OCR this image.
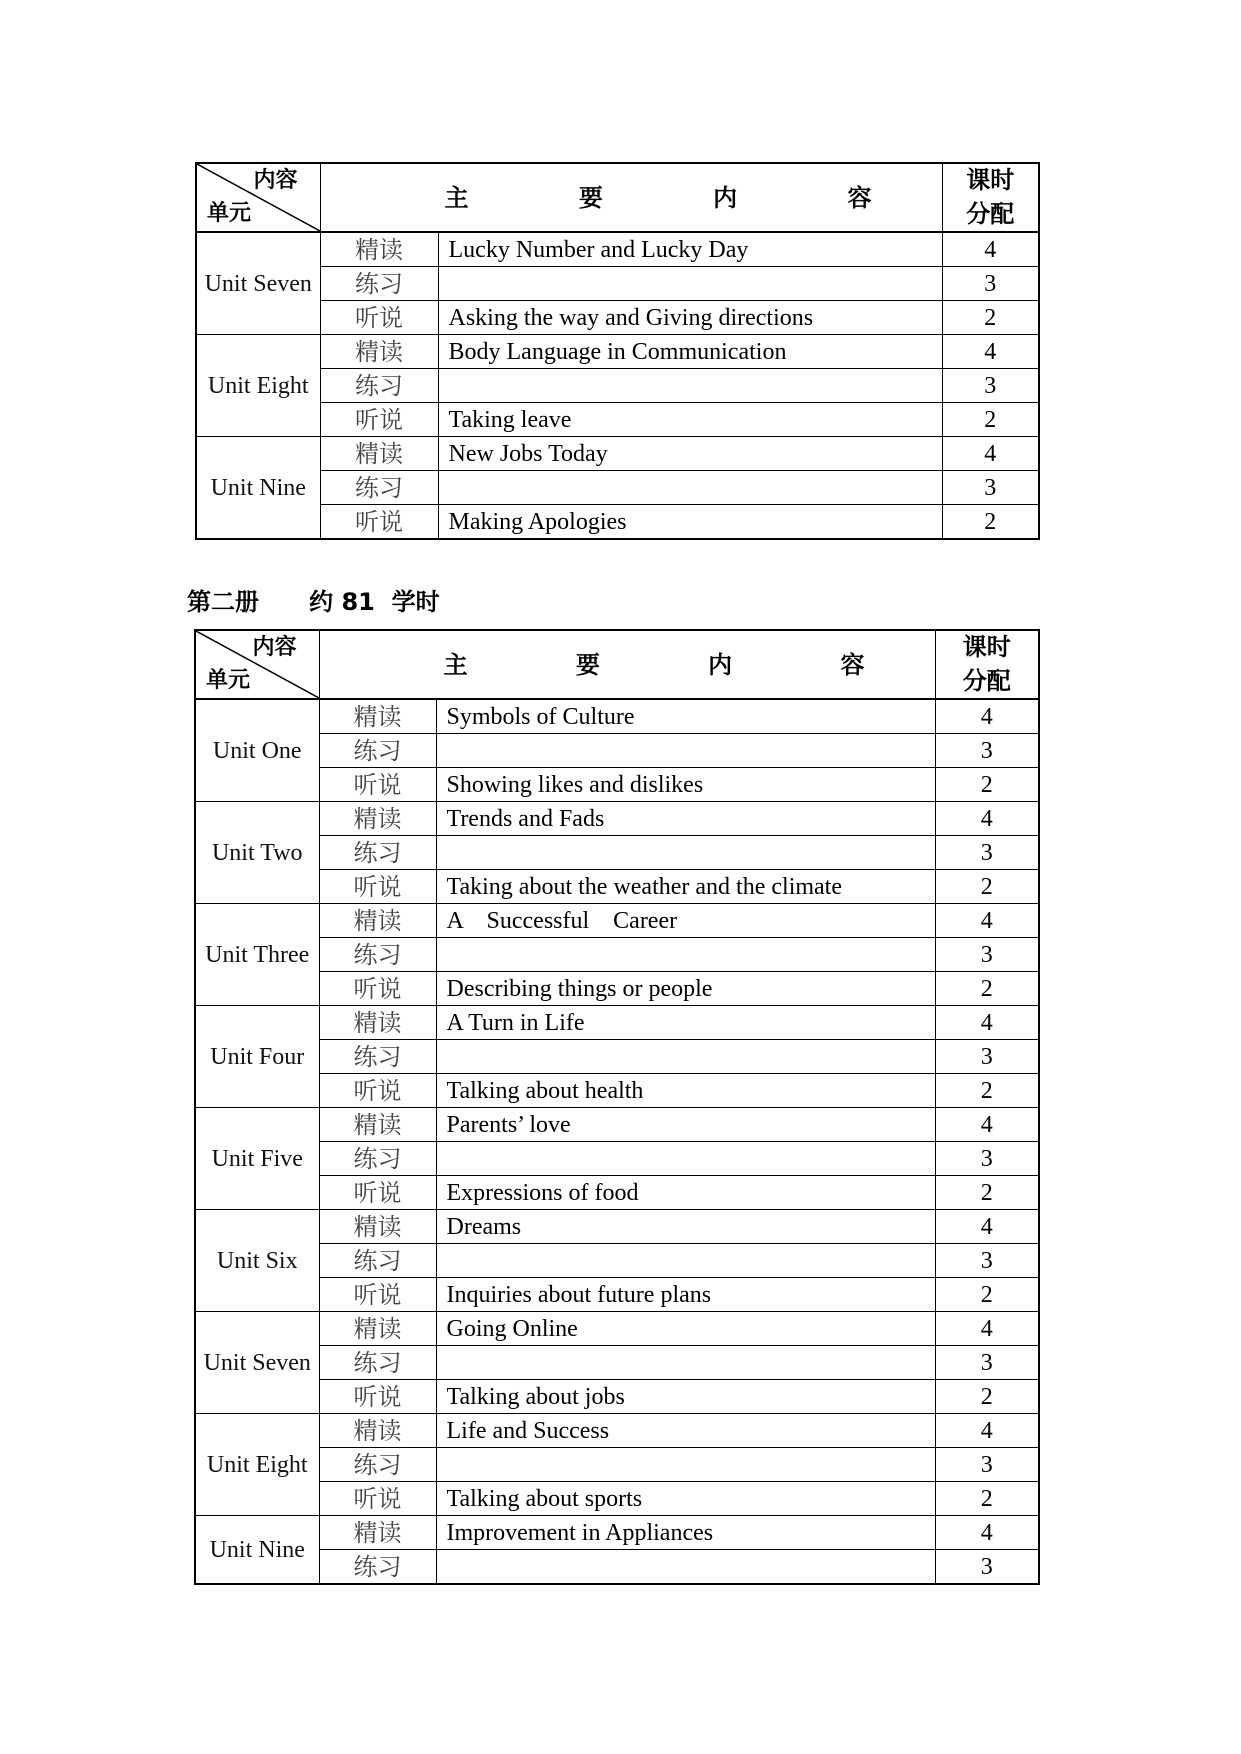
内容
单元	主 要 内 容		课时
分配
Unit Seven	精读	Lucky Number and Lucky Day	4
	练习		3
	听说	Asking the way and Giving directions	2
Unit Eight	精读	Body Language in Communication	4
	练习		3
	听说	Taking leave	2
Unit Nine	精读	New Jobs Today	4
	练习		3
	听说	Making Apologies	2
第二册      约 81  学时
内容
单元	主 要 内 容		课时
分配
Unit One	精读	Symbols of Culture	4
	练习		3
	听说	Showing likes and dislikes	2
Unit Two	精读	Trends and Fads	4
	练习		3
	听说	Taking about the weather and the climate	2
Unit Three	精读	A    Successful    Career	4
	练习		3
	听说	Describing things or people	2
Unit Four	精读	A Turn in Life	4
	练习		3
	听说	Talking about health	2
Unit Five	精读	Parents’ love	4
	练习		3
	听说	Expressions of food	2
Unit Six	精读	Dreams	4
	练习		3
	听说	Inquiries about future plans	2
Unit Seven	精读	Going Online	4
	练习		3
	听说	Talking about jobs	2
Unit Eight	精读	Life and Success	4
	练习		3
	听说	Talking about sports	2
Unit Nine	精读	Improvement in Appliances	4
	练习		3
